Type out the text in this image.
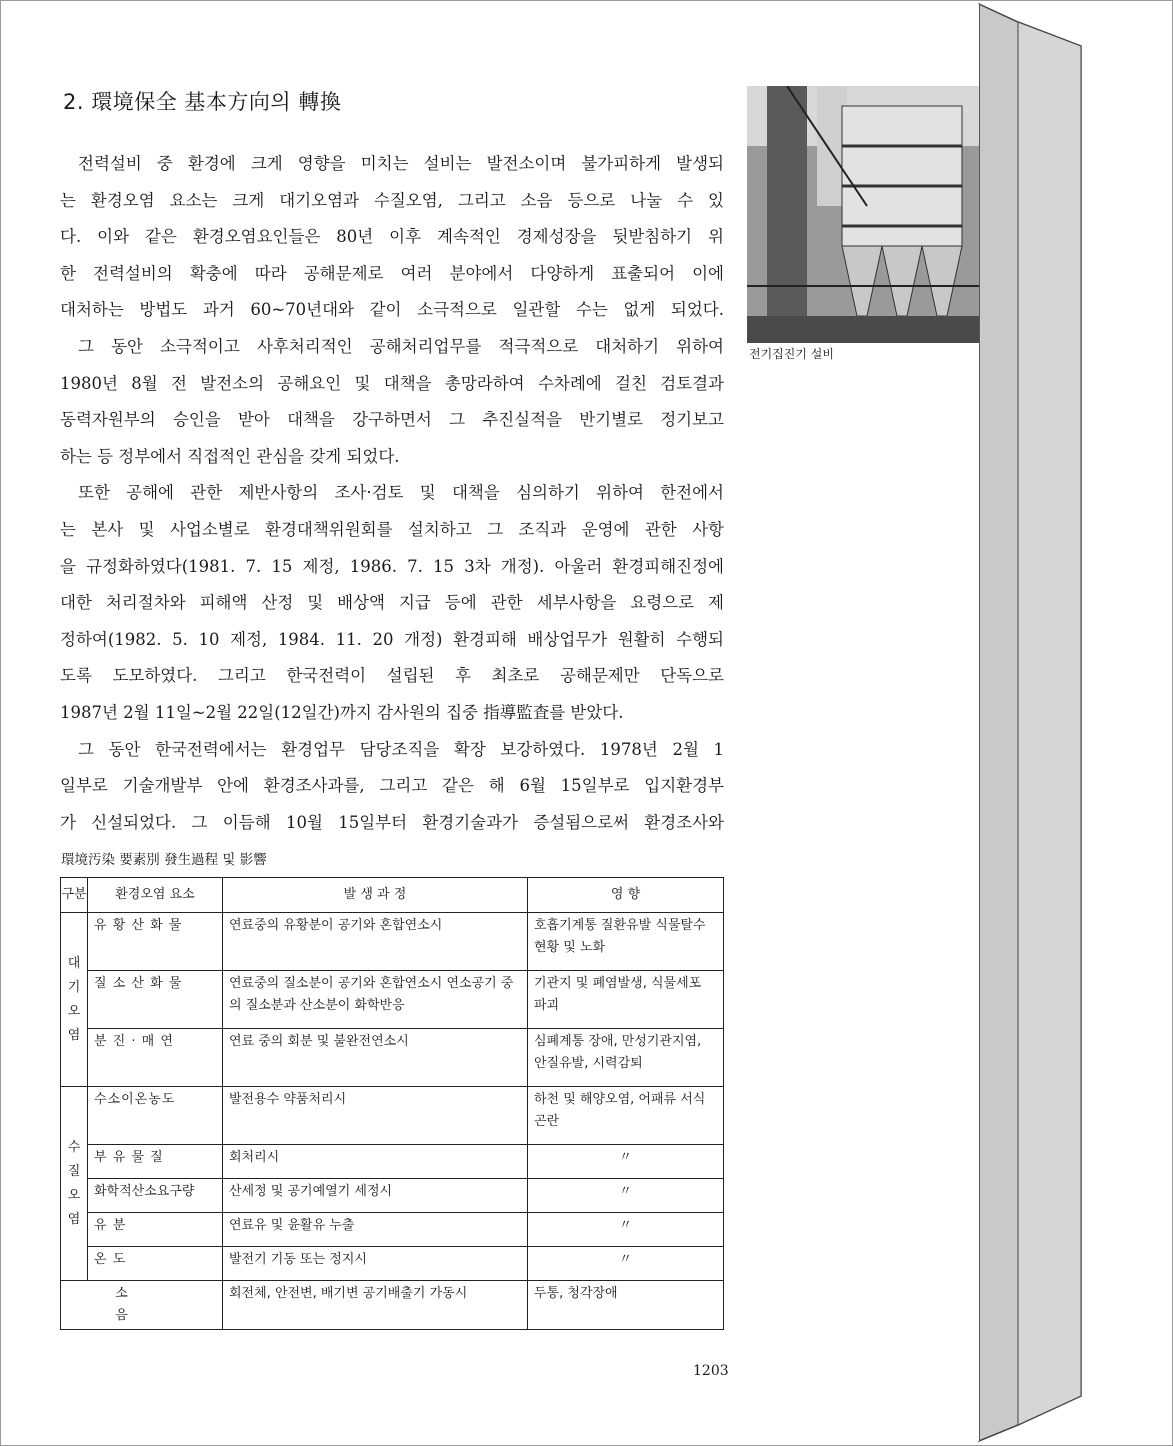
2. 環境保全 基本方向의 轉換
전력설비 중 환경에 크게 영향을 미치는 설비는 발전소이며 불가피하게 발생되
는 환경오염 요소는 크게 대기오염과 수질오염, 그리고 소음 등으로 나눌 수 있
다. 이와 같은 환경오염요인들은 80년 이후 계속적인 경제성장을 뒷받침하기 위
한 전력설비의 확충에 따라 공해문제로 여러 분야에서 다양하게 표출되어 이에
대처하는 방법도 과거 60~70년대와 같이 소극적으로 일관할 수는 없게 되었다.
그 동안 소극적이고 사후처리적인 공해처리업무를 적극적으로 대처하기 위하여
1980년 8월 전 발전소의 공해요인 및 대책을 총망라하여 수차례에 걸친 검토결과
동력자원부의 승인을 받아 대책을 강구하면서 그 추진실적을 반기별로 정기보고
하는 등 정부에서 직접적인 관심을 갖게 되었다.
또한 공해에 관한 제반사항의 조사·검토 및 대책을 심의하기 위하여 한전에서
는 본사 및 사업소별로 환경대책위원회를 설치하고 그 조직과 운영에 관한 사항
을 규정화하였다(1981. 7. 15 제정, 1986. 7. 15 3차 개정). 아울러 환경피해진정에
대한 처리절차와 피해액 산정 및 배상액 지급 등에 관한 세부사항을 요령으로 제
정하여(1982. 5. 10 제정, 1984. 11. 20 개정) 환경피해 배상업무가 원활히 수행되
도록 도모하였다. 그리고 한국전력이 설립된 후 최초로 공해문제만 단독으로
1987년 2월 11일~2월 22일(12일간)까지 감사원의 집중 指導監査를 받았다.
그 동안 한국전력에서는 환경업무 담당조직을 확장 보강하였다. 1978년 2월 1
일부로 기술개발부 안에 환경조사과를, 그리고 같은 해 6월 15일부로 입지환경부
가 신설되었다. 그 이듬해 10월 15일부터 환경기술과가 증설됨으로써 환경조사와
전기집진기 설비
環境汚染 要素別 發生過程 및 影響
구분	환경오염 요소	발 생 과 정	영 향
대기오염	유 황 산 화 물	연료중의 유황분이 공기와 혼합연소시	호흡기계통 질환유발 식물탈수 현황 및 노화
	질 소 산 화 물	연료중의 질소분이 공기와 혼합연소시 연소공기 중의 질소분과 산소분이 화학반응	기관지 및 폐염발생, 식물세포 파괴
	분 진 · 매 연	연료 중의 회분 및 불완전연소시	심폐계통 장애, 만성기관지염, 안질유발, 시력감퇴
수질오염	수소이온농도	발전용수 약품처리시	하천 및 해양오염, 어패류 서식곤란
	부 유 물 질	회처리시	〃
	화학적산소요구량	산세정 및 공기예열기 세정시	〃
	유 분	연료유 및 윤활유 누출	〃
	온 도	발전기 기동 또는 정지시	〃
소 음		회전체, 안전변, 배기변 공기배출기 가동시	두통, 청각장애
1203
